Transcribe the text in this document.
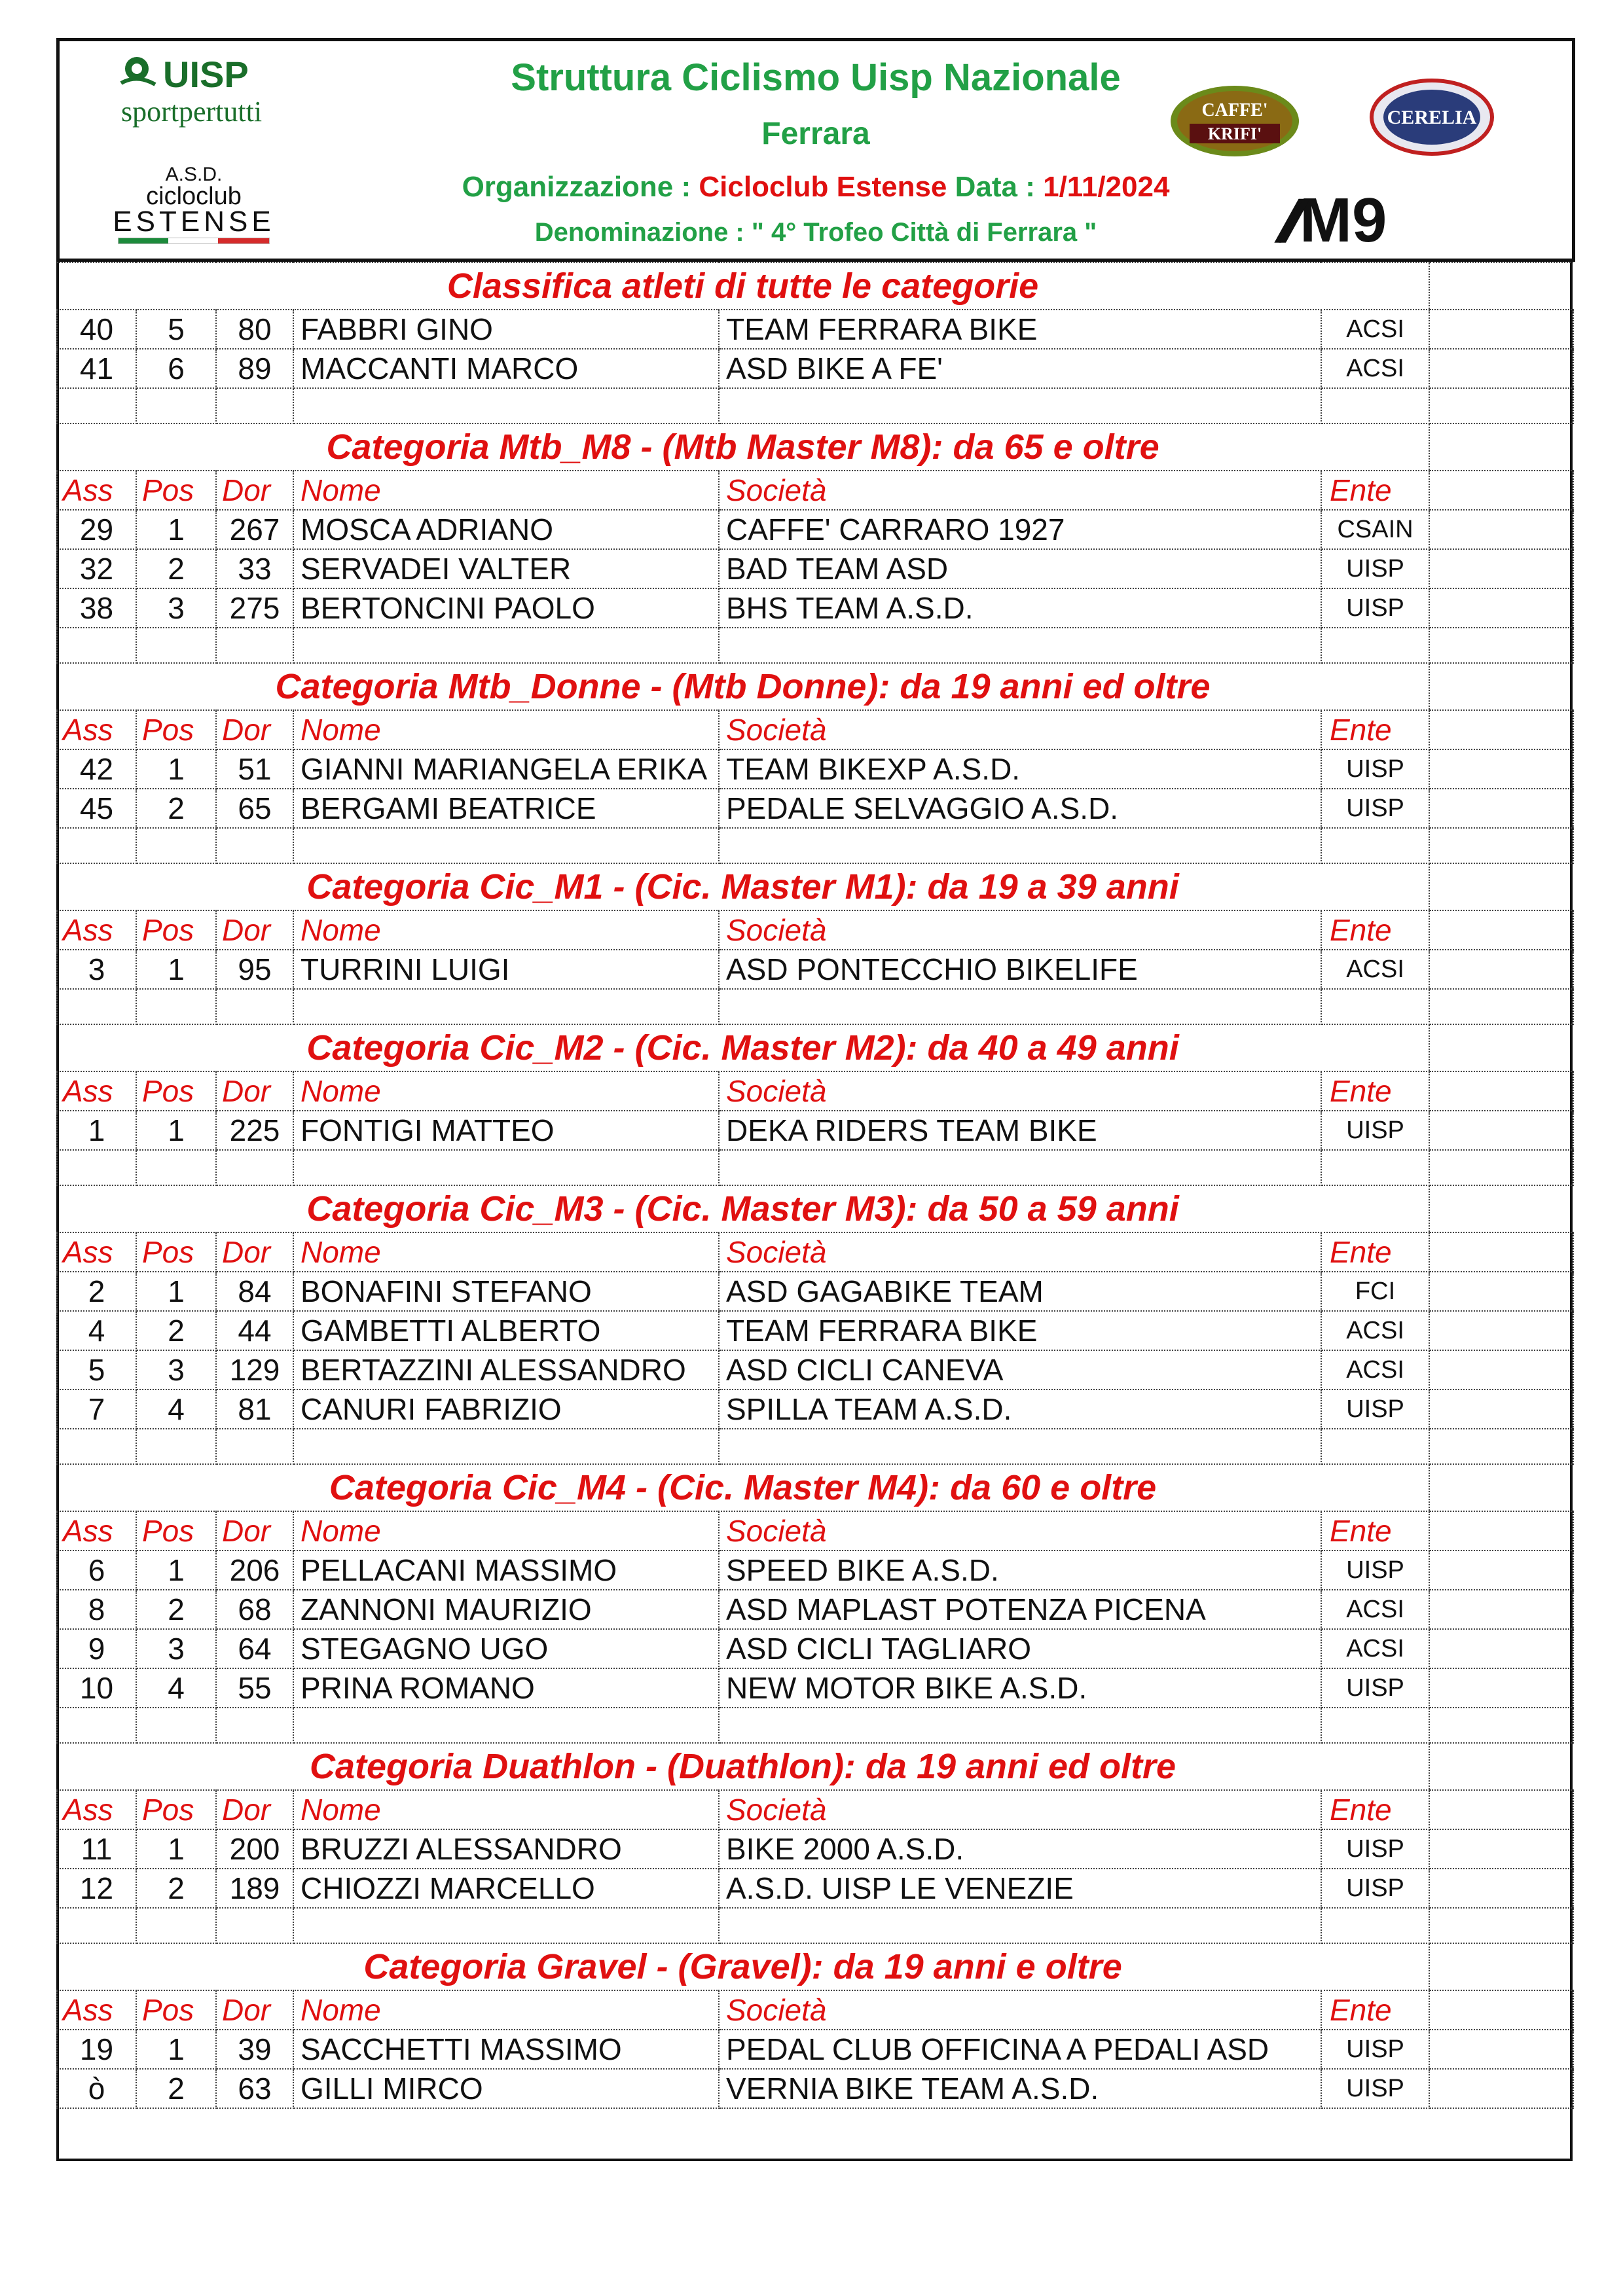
UISP
sportpertutti
A.S.D.
cicloclub
ESTENSE
Struttura Ciclismo Uisp Nazionale
Ferrara
Organizzazione : Cicloclub Estense Data : 1/11/2024
Denominazione : " 4° Trofeo Città di Ferrara "
CAFFE'
KRIFI'
CERELIA
//M9
Classifica atleti di tutte le categorie						
40	5	80	FABBRI GINO	TEAM FERRARA BIKE	ACSI	
41	6	89	MACCANTI MARCO	ASD BIKE A FE'	ACSI	

Categoria Mtb_M8 - (Mtb Master M8): da 65 e oltre						
Ass	Pos	Dor	Nome	Società	Ente	
29	1	267	MOSCA ADRIANO	CAFFE' CARRARO 1927	CSAIN	
32	2	33	SERVADEI VALTER	BAD TEAM ASD	UISP	
38	3	275	BERTONCINI PAOLO	BHS TEAM A.S.D.	UISP	

Categoria Mtb_Donne - (Mtb Donne): da 19 anni ed oltre						
Ass	Pos	Dor	Nome	Società	Ente	
42	1	51	GIANNI MARIANGELA ERIKA	TEAM BIKEXP A.S.D.	UISP	
45	2	65	BERGAMI BEATRICE	PEDALE SELVAGGIO A.S.D.	UISP	

Categoria Cic_M1 - (Cic. Master M1): da 19 a 39 anni						
Ass	Pos	Dor	Nome	Società	Ente	
3	1	95	TURRINI LUIGI	ASD PONTECCHIO BIKELIFE	ACSI	

Categoria Cic_M2 - (Cic. Master M2): da 40 a 49 anni						
Ass	Pos	Dor	Nome	Società	Ente	
1	1	225	FONTIGI MATTEO	DEKA RIDERS TEAM BIKE	UISP	

Categoria Cic_M3 - (Cic. Master M3): da 50 a 59 anni						
Ass	Pos	Dor	Nome	Società	Ente	
2	1	84	BONAFINI STEFANO	ASD GAGABIKE TEAM	FCI	
4	2	44	GAMBETTI ALBERTO	TEAM FERRARA BIKE	ACSI	
5	3	129	BERTAZZINI ALESSANDRO	ASD CICLI CANEVA	ACSI	
7	4	81	CANURI FABRIZIO	SPILLA TEAM A.S.D.	UISP	

Categoria Cic_M4 - (Cic. Master M4): da 60 e oltre						
Ass	Pos	Dor	Nome	Società	Ente	
6	1	206	PELLACANI MASSIMO	SPEED BIKE A.S.D.	UISP	
8	2	68	ZANNONI MAURIZIO	ASD MAPLAST POTENZA PICENA	ACSI	
9	3	64	STEGAGNO UGO	ASD CICLI TAGLIARO	ACSI	
10	4	55	PRINA ROMANO	NEW MOTOR BIKE A.S.D.	UISP	

Categoria Duathlon - (Duathlon): da 19 anni ed oltre						
Ass	Pos	Dor	Nome	Società	Ente	
11	1	200	BRUZZI ALESSANDRO	BIKE 2000 A.S.D.	UISP	
12	2	189	CHIOZZI MARCELLO	A.S.D. UISP LE VENEZIE	UISP	

Categoria Gravel - (Gravel): da 19 anni e oltre						
Ass	Pos	Dor	Nome	Società	Ente	
19	1	39	SACCHETTI MASSIMO	PEDAL CLUB OFFICINA A PEDALI ASD	UISP	
ò	2	63	GILLI MIRCO	VERNIA BIKE TEAM A.S.D.	UISP	
